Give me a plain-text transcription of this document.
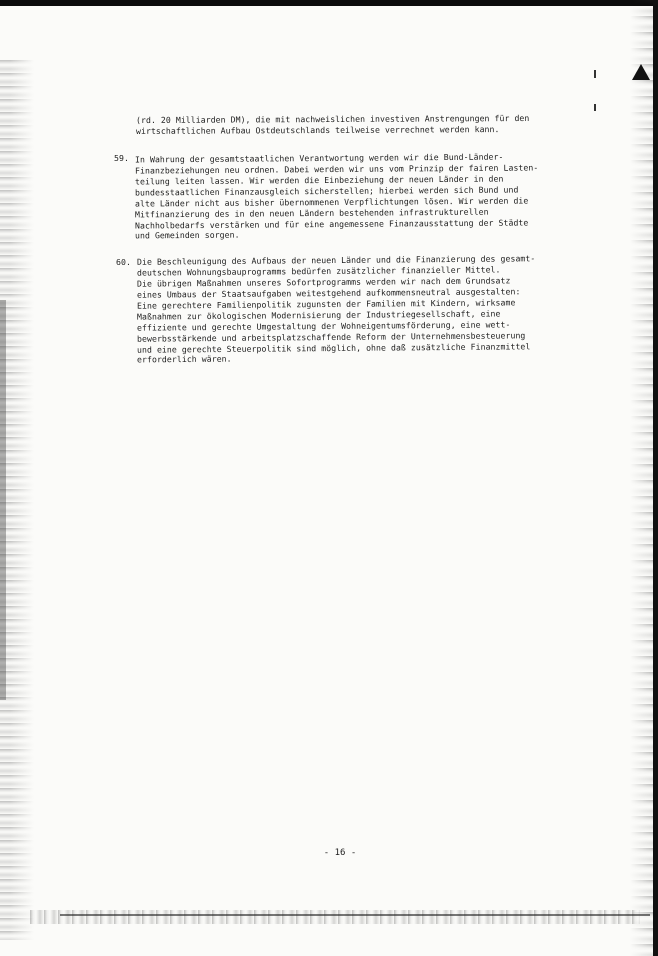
(rd. 20 Milliarden DM), die mit nachweislichen investiven Anstrengungen für den
wirtschaftlichen Aufbau Ostdeutschlands teilweise verrechnet werden kann.
59. In Wahrung der gesamtstaatlichen Verantwortung werden wir die Bund-Länder-
Finanzbeziehungen neu ordnen. Dabei werden wir uns vom Prinzip der fairen Lasten-
teilung leiten lassen. Wir werden die Einbeziehung der neuen Länder in den
bundesstaatlichen Finanzausgleich sicherstellen; hierbei werden sich Bund und
alte Länder nicht aus bisher übernommenen Verpflichtungen lösen. Wir werden die
Mitfinanzierung des in den neuen Ländern bestehenden infrastrukturellen
Nachholbedarfs verstärken und für eine angemessene Finanzausstattung der Städte
und Gemeinden sorgen.
60. Die Beschleunigung des Aufbaus der neuen Länder und die Finanzierung des gesamt-
deutschen Wohnungsbauprogramms bedürfen zusätzlicher finanzieller Mittel.
Die übrigen Maßnahmen unseres Sofortprogramms werden wir nach dem Grundsatz
eines Umbaus der Staatsaufgaben weitestgehend aufkommensneutral ausgestalten:
Eine gerechtere Familienpolitik zugunsten der Familien mit Kindern, wirksame
Maßnahmen zur ökologischen Modernisierung der Industriegesellschaft, eine
effiziente und gerechte Umgestaltung der Wohneigentumsförderung, eine wett-
bewerbsstärkende und arbeitsplatzschaffende Reform der Unternehmensbesteuerung
und eine gerechte Steuerpolitik sind möglich, ohne daß zusätzliche Finanzmittel
erforderlich wären.
- 16 -
